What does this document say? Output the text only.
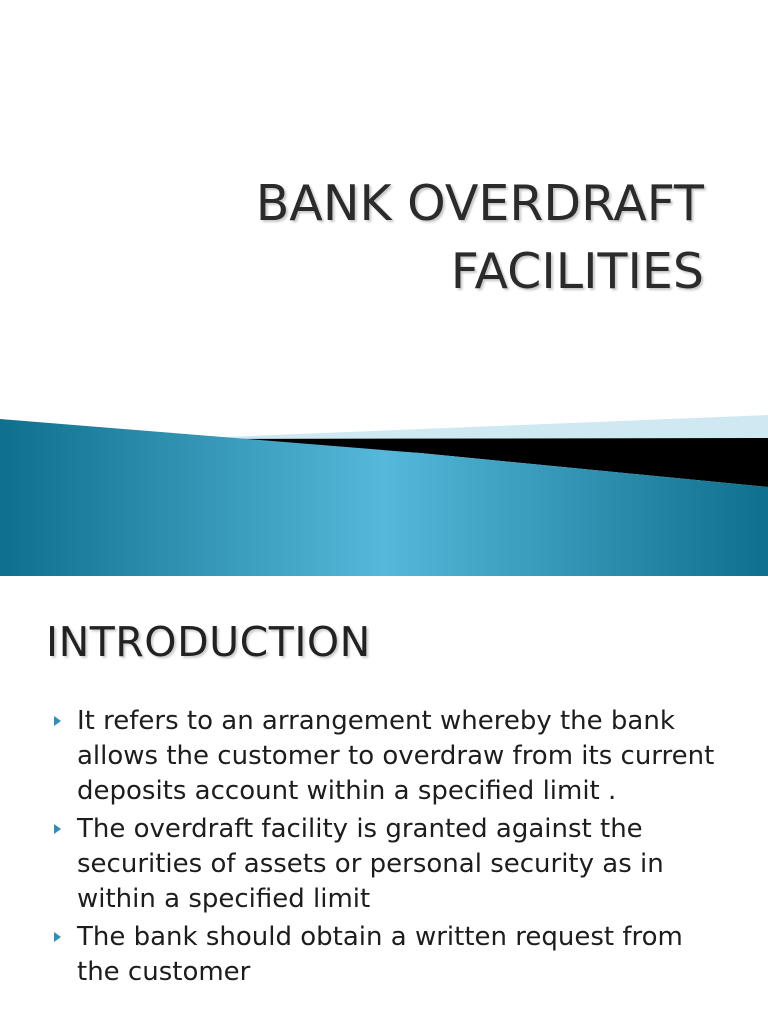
BANK OVERDRAFT
FACILITIES
INTRODUCTION
It refers to an arrangement whereby the bank allows the customer to overdraw from its current deposits account within a specified limit .
The overdraft facility is granted against the securities of assets or personal security as in within a specified limit
The bank should obtain a written request from the customer
